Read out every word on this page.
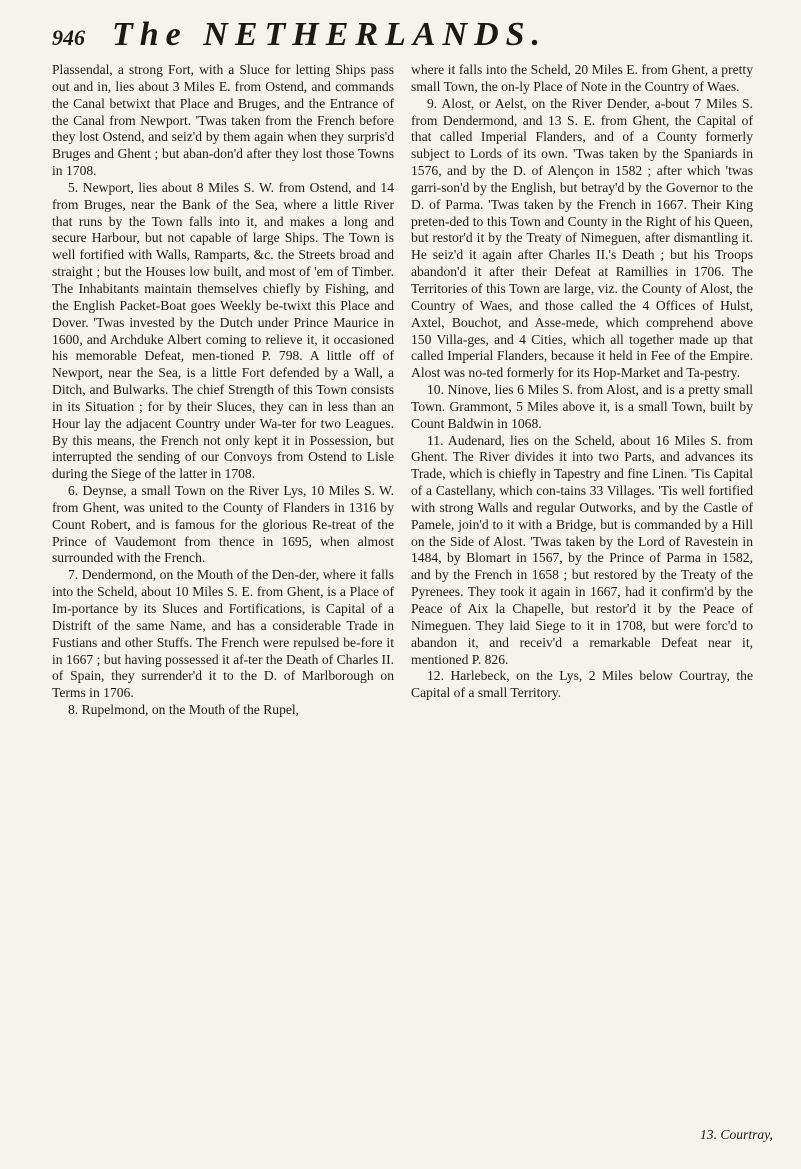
946 The NETHERLANDS.

Plassendal, a strong Fort, with a Sluce for letting Ships pass out and in, lies about 3 Miles E. from Ostend, and commands the Canal betwixt that Place and Bruges, and the Entrance of the Canal from Newport. 'Twas taken from the French before they lost Ostend, and seiz'd by them again when they surpris'd Bruges and Ghent ; but aban-don'd after they lost those Towns in 1708.

5. Newport, lies about 8 Miles S. W. from Ostend, and 14 from Bruges, near the Bank of the Sea, where a little River that runs by the Town falls into it, and makes a long and secure Harbour, but not capable of large Ships. The Town is well fortified with Walls, Ramparts, &c. the Streets broad and straight ; but the Houses low built, and most of 'em of Timber. The Inhabitants maintain themselves chiefly by Fishing, and the English Packet-Boat goes Weekly be-twixt this Place and Dover. 'Twas invested by the Dutch under Prince Maurice in 1600, and Archduke Albert coming to relieve it, it occasioned his memorable Defeat, men-tioned P. 798. A little off of Newport, near the Sea, is a little Fort defended by a Wall, a Ditch, and Bulwarks. The chief Strength of this Town consists in its Situation ; for by their Sluces, they can in less than an Hour lay the adjacent Country under Wa-ter for two Leagues. By this means, the French not only kept it in Possession, but interrupted the sending of our Convoys from Ostend to Lisle during the Siege of the latter in 1708.

6. Deynse, a small Town on the River Lys, 10 Miles S. W. from Ghent, was united to the County of Flanders in 1316 by Count Robert, and is famous for the glorious Re-treat of the Prince of Vaudemont from thence in 1695, when almost surrounded with the French.

7. Dendermond, on the Mouth of the Den-der, where it falls into the Scheld, about 10 Miles S. E. from Ghent, is a Place of Im-portance by its Sluces and Fortifications, is Capital of a Distrift of the same Name, and has a considerable Trade in Fustians and other Stuffs. The French were repulsed be-fore it in 1667 ; but having possessed it af-ter the Death of Charles II. of Spain, they surrender'd it to the D. of Marlborough on Terms in 1706.

8. Rupelmond, on the Mouth of the Rupel,

where it falls into the Scheld, 20 Miles E. from Ghent, a pretty small Town, the on-ly Place of Note in the Country of Waes.

9. Alost, or Aelst, on the River Dender, a-bout 7 Miles S. from Dendermond, and 13 S. E. from Ghent, the Capital of that called Imperial Flanders, and of a County formerly subject to Lords of its own. 'Twas taken by the Spaniards in 1576, and by the D. of Alençon in 1582 ; after which 'twas garri-son'd by the English, but betray'd by the Governor to the D. of Parma. 'Twas taken by the French in 1667. Their King preten-ded to this Town and County in the Right of his Queen, but restor'd it by the Treaty of Nimeguen, after dismantling it. He seiz'd it again after Charles II.'s Death ; but his Troops abandon'd it after their Defeat at Ramillies in 1706. The Territories of this Town are large, viz. the County of Alost, the Country of Waes, and those called the 4 Offices of Hulst, Axtel, Bouchot, and Asse-mede, which comprehend above 150 Villa-ges, and 4 Cities, which all together made up that called Imperial Flanders, because it held in Fee of the Empire. Alost was no-ted formerly for its Hop-Market and Ta-pestry.

10. Ninove, lies 6 Miles S. from Alost, and is a pretty small Town. Grammont, 5 Miles above it, is a small Town, built by Count Baldwin in 1068.

11. Audenard, lies on the Scheld, about 16 Miles S. from Ghent. The River divides it into two Parts, and advances its Trade, which is chiefly in Tapestry and fine Linen. 'Tis Capital of a Castellany, which con-tains 33 Villages. 'Tis well fortified with strong Walls and regular Outworks, and by the Castle of Pamele, join'd to it with a Bridge, but is commanded by a Hill on the Side of Alost. 'Twas taken by the Lord of Ravestein in 1484, by Blomart in 1567, by the Prince of Parma in 1582, and by the French in 1658 ; but restored by the Treaty of the Pyrenees. They took it again in 1667, had it confirm'd by the Peace of Aix la Chapelle, but restor'd it by the Peace of Nimeguen. They laid Siege to it in 1708, but were forc'd to abandon it, and receiv'd a remarkable Defeat near it, mentioned P. 826.

12. Harlebeck, on the Lys, 2 Miles below Courtray, the Capital of a small Territory.

13. Courtray,
